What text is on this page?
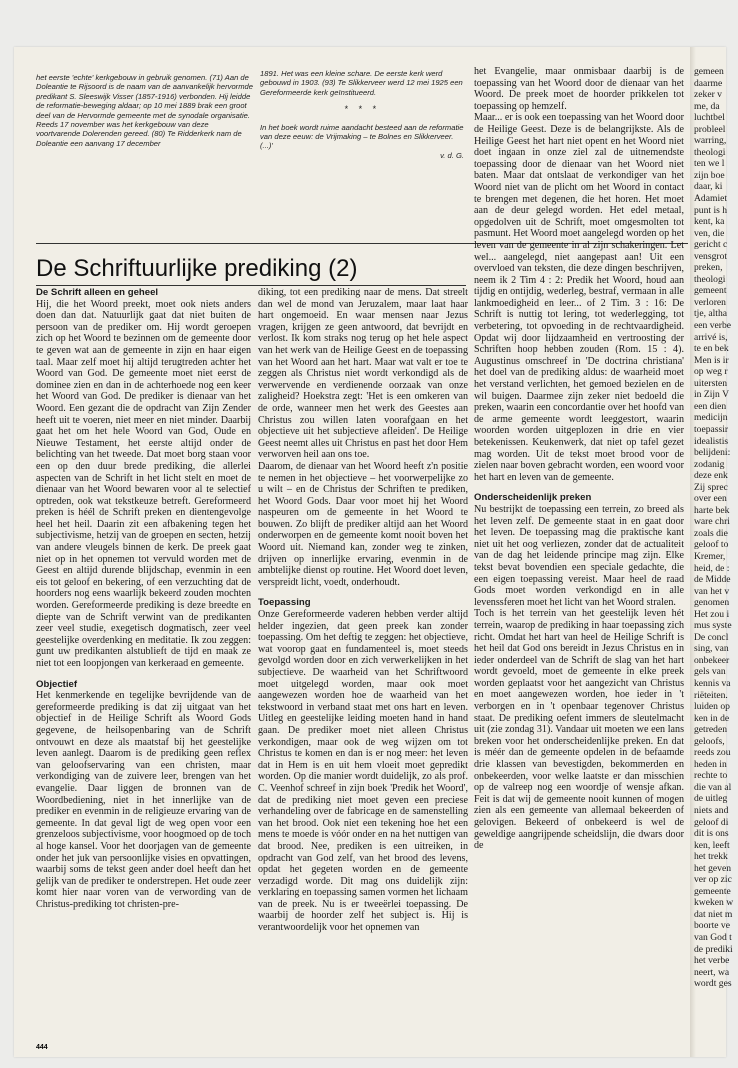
het eerste 'echte' kerkgebouw in gebruik genomen. (71) Aan de Doleantie te Rijsoord is de naam van de aanvankelijk hervormde predikant S. Sleeswijk Visser (1857-1916) verbonden. Hij leidde de reformatie-beweging aldaar; op 10 mei 1889 brak een groot deel van de Hervormde gemeente met de synodale organisatie. Reeds 17 november was het kerkgebouw van deze voortvarende Dolerenden gereed. (80) Te Ridderkerk nam de Doleantie een aanvang 17 december
1891. Het was een kleine schare. De eerste kerk werd gebouwd in 1903. (93) Te Slikkerveer werd 12 mei 1925 een Gereformeerde kerk geïnstitueerd.
* * *
In het boek wordt ruime aandacht besteed aan de reformatie van deze eeuw: de Vrijmaking – te Bolnes en Slikkerveer. (...)'
v. d. G.
De Schriftuurlijke prediking (2)

De Schrift alleen en geheel

Hij, die het Woord preekt, moet ook niets anders doen dan dat. Natuurlijk gaat dat niet buiten de persoon van de prediker om. Hij wordt geroepen zich op het Woord te bezinnen om de gemeente door te geven wat aan de gemeente in zijn en haar eigen taal. Maar zelf moet hij altijd terugtreden achter het Woord van God. De gemeente moet niet eerst de dominee zien en dan in de achterhoede nog een keer het Woord van God. De prediker is dienaar van het Woord. Een gezant die de opdracht van Zijn Zender heeft uit te voeren, niet meer en niet minder. Daarbij gaat het om het hele Woord van God, Oude en Nieuwe Testament, het eerste altijd onder de belichting van het tweede. Dat moet borg staan voor een op den duur brede prediking, die allerlei aspecten van de Schrift in het licht stelt en moet de dienaar van het Woord bewaren voor al te selectief optreden, ook wat tekstkeuze betreft. Gereformeerd preken is héél de Schrift preken en dientengevolge heel het heil. Daarin zit een afbakening tegen het subjectivisme, hetzij van de groepen en secten, hetzij van andere vleugels binnen de kerk. De preek gaat niet op in het opnemen tot vervuld worden met de Geest en altijd durende blijdschap, evenmin in een eis tot geloof en bekering, of een verzuchting dat de hoorders nog eens waarlijk bekeerd zouden mochten worden. Gereformeerde prediking is deze breedte en diepte van de Schrift verwint van de predikanten zeer veel studie, exegetisch dogmatisch, zeer veel geestelijke overdenking en meditatie. Ik zou zeggen: gunt uw predikanten alstublieft de tijd en maak ze niet tot een loopjongen van kerkeraad en gemeente.

Objectief

Het kenmerkende en tegelijke bevrijdende van de gereformeerde prediking is dat zij uitgaat van het objectief in de Heilige Schrift als Woord Gods gegevene, de heilsopenbaring van de Schrift ontvouwt en deze als maatstaf bij het geestelijke leven aanlegt. Daarom is de prediking geen reflex van geloofservaring van een christen, maar verkondiging van de zuivere leer, brengen van het evangelie. Daar liggen de bronnen van de Woordbediening, niet in het innerlijke van de prediker en evenmin in de religieuze ervaring van de gemeente. In dat geval ligt de weg open voor een grenzeloos subjectivisme, voor hoogmoed op de toch al hoge kansel. Voor het doorjagen van de gemeente onder het juk van persoonlijke visies en opvattingen, waarbij soms de tekst geen ander doel heeft dan het gelijk van de prediker te onderstrepen. Het oude zeer komt hier naar voren van de verwording van de Christus-prediking tot christen-pre-

diking, tot een prediking naar de mens. Dat streelt dan wel de mond van Jeruzalem, maar laat haar hart ongemoeid. En waar mensen naar Jezus vragen, krijgen ze geen antwoord, dat bevrijdt en verlost. Ik kom straks nog terug op het hele aspect van het werk van de Heilige Geest en de toepassing van het Woord aan het hart. Maar wat valt er toe te zeggen als Christus niet wordt verkondigd als de verwervende en verdienende oorzaak van onze zaligheid? Hoekstra zegt: 'Het is een omkeren van de orde, wanneer men het werk des Geestes aan Christus zou willen laten voorafgaan en het objectieve uit het subjectieve afleiden'. De Heilige Geest neemt alles uit Christus en past het door Hem verworven heil aan ons toe.

Daarom, de dienaar van het Woord heeft z'n positie te nemen in het objectieve – het voorwerpelijke zo u wilt – en de Christus der Schriften te prediken, het Woord Gods. Daar voor moet hij het Woord naspeuren om de gemeente in het Woord te bouwen. Zo blijft de prediker altijd aan het Woord onderworpen en de gemeente komt nooit boven het Woord uit. Niemand kan, zonder weg te zinken, drijven op innerlijke ervaring, evenmin in de ambtelijke dienst op routine. Het Woord doet leven, verspreidt licht, voedt, onderhoudt.

Toepassing

Onze Gereformeerde vaderen hebben verder altijd helder ingezien, dat geen preek kan zonder toepassing. Om het deftig te zeggen: het objectieve, wat voorop gaat en fundamenteel is, moet steeds gevolgd worden door en zich verwerkelijken in het subjectieve. De waarheid van het Schriftwoord moet uitgelegd worden, maar ook moet aangewezen worden hoe de waarheid van het tekstwoord in verband staat met ons hart en leven. Uitleg en geestelijke leiding moeten hand in hand gaan. De prediker moet niet alleen Christus verkondigen, maar ook de weg wijzen om tot Christus te komen en dan is er nog meer: het leven dat in Hem is en uit hem vloeit moet gepredikt worden. Op die manier wordt duidelijk, zo als prof. C. Veenhof schreef in zijn boek 'Predik het Woord', dat de prediking niet moet geven een preciese verhandeling over de fabricage en de samenstelling van het brood. Ook niet een tekening hoe het een mens te moede is vóór onder en na het nuttigen van dat brood. Nee, prediken is een uitreiken, in opdracht van God zelf, van het brood des levens, opdat het gegeten worden en de gemeente verzadigd worde. Dit mag ons duidelijk zijn: verklaring en toepassing samen vormen het lichaam van de preek. Nu is er tweeërlei toepassing. De waarbij de hoorder zelf het subject is. Hij is verantwoordelijk voor het opnemen van

het Evangelie, maar onmisbaar daarbij is de toepassing van het Woord door de dienaar van het Woord. De preek moet de hoorder prikkelen tot toepassing op hemzelf.

Maar... er is ook een toepassing van het Woord door de Heilige Geest. Deze is de belangrijkste. Als de Heilige Geest het hart niet opent en het Woord niet doet ingaan in onze ziel zal de uitnemendste toepassing door de dienaar van het Woord niet baten. Maar dat ontslaat de verkondiger van het Woord niet van de plicht om het Woord in contact te brengen met degenen, die het horen. Het moet aan de deur gelegd worden. Het edel metaal, opgedolven uit de Schrift, moet omgesmolten tot pasmunt. Het Woord moet aangelegd worden op het leven van de gemeente in al zijn schakeringen. Let wel... aangelegd, niet aangepast aan! Uit een overvloed van teksten, die deze dingen beschrijven, neem ik 2 Tim 4 : 2: Predik het Woord, houd aan tijdig en ontijdig, wederleg, bestraf, vermaan in alle lankmoedigheid en leer... of 2 Tim. 3 : 16: De Schrift is nuttig tot lering, tot wederlegging, tot verbetering, tot opvoeding in de rechtvaardigheid. Opdat wij door lijdzaamheid en vertroosting der Schriften hoop hebben zouden (Rom. 15 : 4). Augustinus omschreef in 'De doctrina christiana' het doel van de prediking aldus: de waarheid moet het verstand verlichten, het gemoed bezielen en de wil buigen. Daarmee zijn zeker niet bedoeld die preken, waarin een concordantie over het hoofd van de arme gemeente wordt leeggestort, waarin woorden worden uitgeplozen in drie en vier betekenissen. Keukenwerk, dat niet op tafel gezet mag worden. Uit de tekst moet brood voor de zielen naar boven gebracht worden, een woord voor het hart en leven van de gemeente.

Onderscheidenlijk preken

Nu bestrijkt de toepassing een terrein, zo breed als het leven zelf. De gemeente staat in en gaat door het leven. De toepassing mag die praktische kant niet uit het oog verliezen, zonder dat de actualiteit van de dag het leidende principe mag zijn. Elke tekst bevat bovendien een speciale gedachte, die een eigen toepassing vereist. Maar heel de raad Gods moet worden verkondigd en in alle levenssferen moet het licht van het Woord stralen.

Toch is het terrein van het geestelijk leven hét terrein, waarop de prediking in haar toepassing zich richt. Omdat het hart van heel de Heilige Schrift is het heil dat God ons bereidt in Jezus Christus en in ieder onderdeel van de Schrift de slag van het hart wordt gevoeld, moet de gemeente in elke preek worden geplaatst voor het aangezicht van Christus en moet aangewezen worden, hoe ieder in 't verborgen en in 't openbaar tegenover Christus staat. De prediking oefent immers de sleutelmacht uit (zie zondag 31). Vandaar uit moeten we een lans breken voor het onderscheidenlijke preken. En dat is méér dan de gemeente opdelen in de befaamde drie klassen van bevestigden, bekommerden en onbekeerden, voor welke laatste er dan misschien op de valreep nog een woordje of wensje afkan. Feit is dat wij de gemeente nooit kunnen of mogen zien als een gemeente van allemaal bekeerden of gelovigen. Bekeerd of onbekeerd is wel de geweldige aangrijpende scheidslijn, die dwars door de

444
gemeen
daarme
zeker v
me, da
luchtbel
probleel
warring,
theologi
ten we l
zijn boe
daar, ki
Adamiet
punt is h
kent, ka
ven, die
gericht c
vensgrot
preken,
theologi
gemeent
verloren
tje, altha
een verbe
arrivé is,
te en bek
Men is ir
op weg r
uitersten
in Zijn V
een dien
medicijn
toepassir
idealistis
belijdeni:
zodanig
deze enk
Zij sprec
over een
harte bek
ware chri
zoals die
geloof to
Kremer,
heid, de :
de Midde
van het v
genomen
Het zou i
mus syste
De concl
sing, van
onbekeer
gels van
kennis va
riëteiten.
luiden op
ken in de
getreden
geloofs,
reeds zou
heden in
rechte to
die van al
de uitleg
niets and
geloof di
dit is ons
ken, leeft
het trekk
het geven
ver op zic
gemeente
kweken w
dat niet m
boorte ve
van God t
de prediki
het verbe
neert, wa
wordt ges
